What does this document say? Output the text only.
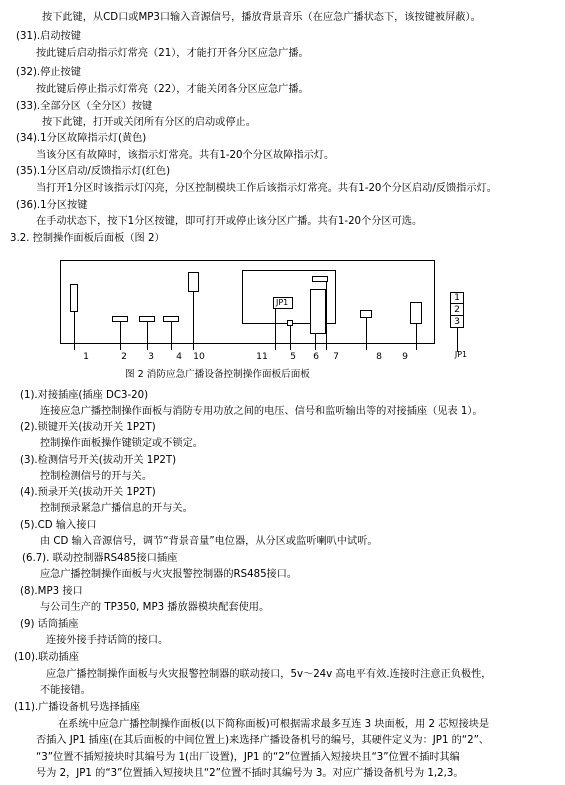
按下此键，从CD口或MP3口输入音源信号，播放背景音乐（在应急广播状态下，该按键被屏蔽）。
(31).启动按键
按此键后启动指示灯常亮（21），才能打开各分区应急广播。
(32).停止按键
按此键后停止指示灯常亮（22），才能关闭各分区应急广播。
(33).全部分区（全分区）按键
按下此键，打开或关闭所有分区的启动或停止。
(34).1分区故障指示灯(黄色)
当该分区有故障时，该指示灯常亮。共有1-20个分区故障指示灯。
(35).1分区启动/反馈指示灯(红色)
当打开1分区时该指示灯闪亮，分区控制模块工作后该指示灯常亮。共有1-20个分区启动/反馈指示灯。
(36).1分区按键
在手动状态下，按下1分区按键，即可打开或停止该分区广播。共有1-20个分区可选。
3.2. 控制操作面板后面板（图 2）
JP1	1
2
3
JP1
1	2	3	4	10	11	5	6	7	8	9
图 2 消防应急广播设备控制操作面板后面板
(1).对接插座(插座 DC3-20)
连接应急广播控制操作面板与消防专用功放之间的电压、信号和监听输出等的对接插座（见表 1）。
(2).锁键开关(拔动开关 1P2T)
控制操作面板操作键锁定或不锁定。
(3).检测信号开关(拔动开关 1P2T)
控制检测信号的开与关。
(4).预录开关(拔动开关 1P2T)
控制预录紧急广播信息的开与关。
(5).CD 输入接口
由 CD 输入音源信号，调节“背景音量”电位器，从分区或监听喇叭中试听。
(6.7). 联动控制器RS485接口插座
应急广播控制操作面板与火灾报警控制器的RS485接口。
(8).MP3 接口
与公司生产的 TP350, MP3 播放器模块配套使用。
(9) 话筒插座
连接外接手持话筒的接口。
(10).联动插座
应急广播控制操作面板与火灾报警控制器的联动接口，5v～24v 高电平有效.连接时注意正负极性，
不能接错。
(11).广播设备机号选择插座
在系统中应急广播控制操作面板(以下简称面板)可根据需求最多互连 3 块面板，用 2 芯短接块是
否插入 JP1 插座(在其后面板的中间位置上)来选择广播设备机号的编号，其硬件定义为：JP1 的“2”、
“3”位置不插短接块时其编号为 1(出厂设置)，JP1 的“2”位置插入短接块且“3”位置不插时其编
号为 2，JP1 的“3”位置插入短接块且“2”位置不插时其编号为 3。对应广播设备机号为 1,2,3。
